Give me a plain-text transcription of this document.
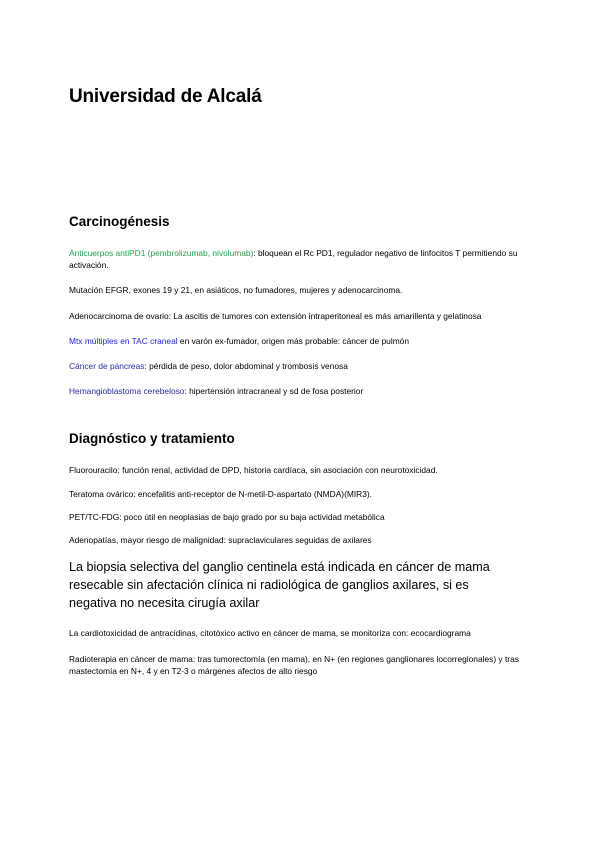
Universidad de Alcalá
Carcinogénesis

Anticuerpos antiPD1 (pembrolizumab, nivolumab): bloquean el Rc PD1, regulador negativo de linfocitos T permitiendo su activación.

Mutación EFGR, exones 19 y 21, en asiáticos, no fumadores, mujeres y adenocarcinoma.

Adenocarcinoma de ovario: La ascitis de tumores con extensión intraperitoneal es más amarillenta y gelatinosa

Mtx múltiples en TAC craneal en varón ex-fumador, origen más probable: cáncer de pulmón

Cáncer de páncreas: pérdida de peso, dolor abdominal y trombosis venosa

Hemangioblastoma cerebeloso: hipertensión intracraneal y sd de fosa posterior

Diagnóstico y tratamiento

Fluorouracilo: función renal, actividad de DPD, historia cardíaca, sin asociación con neurotoxicidad.

Teratoma ovárico: encefalitis anti-receptor de N-metil-D-aspartato (NMDA)(MIR3).

PET/TC-FDG: poco útil en neoplasias de bajo grado por su baja actividad metabólica

Adenopatías, mayor riesgo de malignidad: supraclaviculares seguidas de axilares

La biopsia selectiva del ganglio centinela está indicada en cáncer de mama resecable sin afectación clínica ni radiológica de ganglios axilares, si es negativa no necesita cirugía axilar

La cardiotoxicidad de antracidinas, citotóxico activo en cáncer de mama, se monitoriza con: ecocardiograma

Radioterapia en cáncer de mama: tras tumorectomía (en mama), en N+ (en regiones ganglionares locorregionales) y tras mastectomía en N+, 4 y en T2-3 o márgenes afectos de alto riesgo
